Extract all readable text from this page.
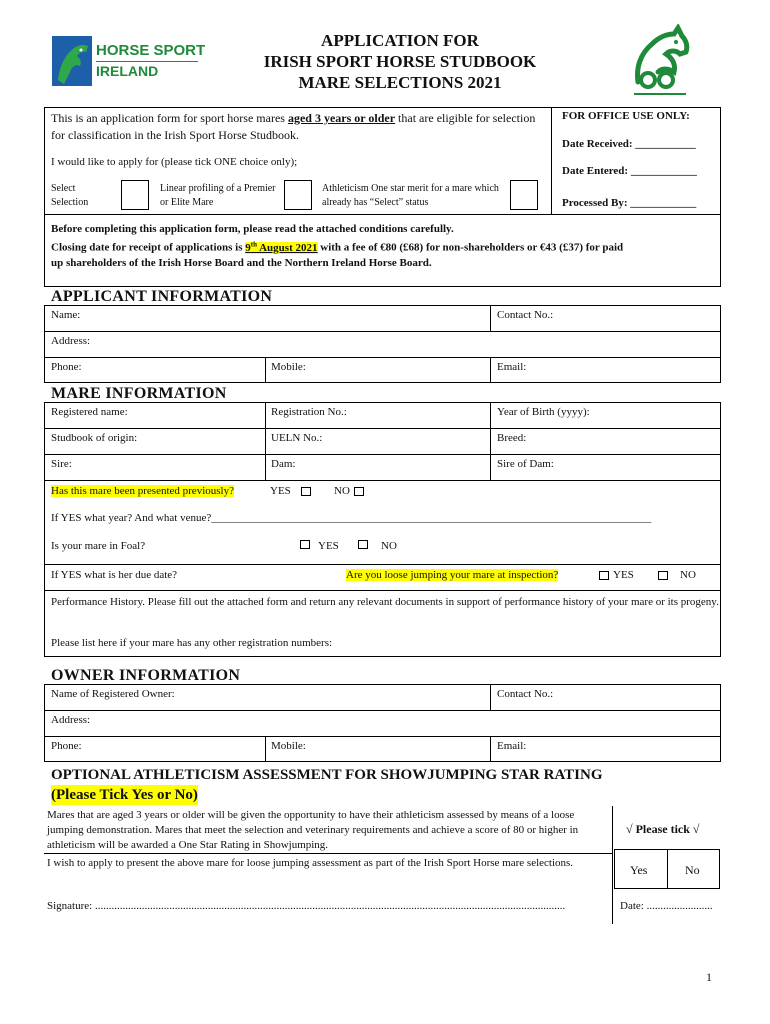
HORSE SPORT
IRELAND
APPLICATION FOR
IRISH SPORT HORSE STUDBOOK
MARE SELECTIONS 2021
This is an application form for sport horse mares aged 3 years or older that are eligible for selection for classification in the Irish Sport Horse Studbook.
I would like to apply for (please tick ONE choice only);
Select Selection
Linear profiling of a Premier or Elite Mare
Athleticism One star merit for a mare which already has “Select” status
FOR OFFICE USE ONLY:
Date Received: ___________
Date Entered: ____________
Processed By: ____________
Before completing this application form, please read the attached conditions carefully.
Closing date for receipt of applications is 9th August 2021 with a fee of €80 (£68) for non-shareholders or €43 (£37) for paid
up shareholders of the Irish Horse Board and the Northern Ireland Horse Board.
APPLICANT INFORMATION
Name:	Contact No.:
Address:
Phone:	Mobile:	Email:
MARE INFORMATION
Registered name:	Registration No.:	Year of Birth (yyyy):
Studbook of origin:	UELN No.:	Breed:
Sire:	Dam:	Sire of Dam:
Has this mare been presented previously?	YES	NO
If YES what year? And what venue?________________________________________________________________________________
Is your mare in Foal?	YES	NO
If YES what is her due date?	Are you loose jumping your mare at inspection?	YES	NO
Performance History. Please fill out the attached form and return any relevant documents in support of performance history of your mare or its progeny.
Please list here if your mare has any other registration numbers:
OWNER INFORMATION
Name of Registered Owner:	Contact No.:
Address:
Phone:	Mobile:	Email:
OPTIONAL ATHLETICISM ASSESSMENT FOR SHOWJUMPING STAR RATING
(Please Tick Yes or No)
Mares that are aged 3 years or older will be given the opportunity to have their athleticism assessed by means of a loose jumping demonstration. Mares that meet the selection and veterinary requirements and achieve a score of 80 or higher in athleticism will be awarded a One Star Rating in Showjumping.
√ Please tick √
I wish to apply to present the above mare for loose jumping assessment as part of the Irish Sport Horse mare selections.	Yes	No
Signature: ...........................................................................................................................................................................	Date: ........................
1
